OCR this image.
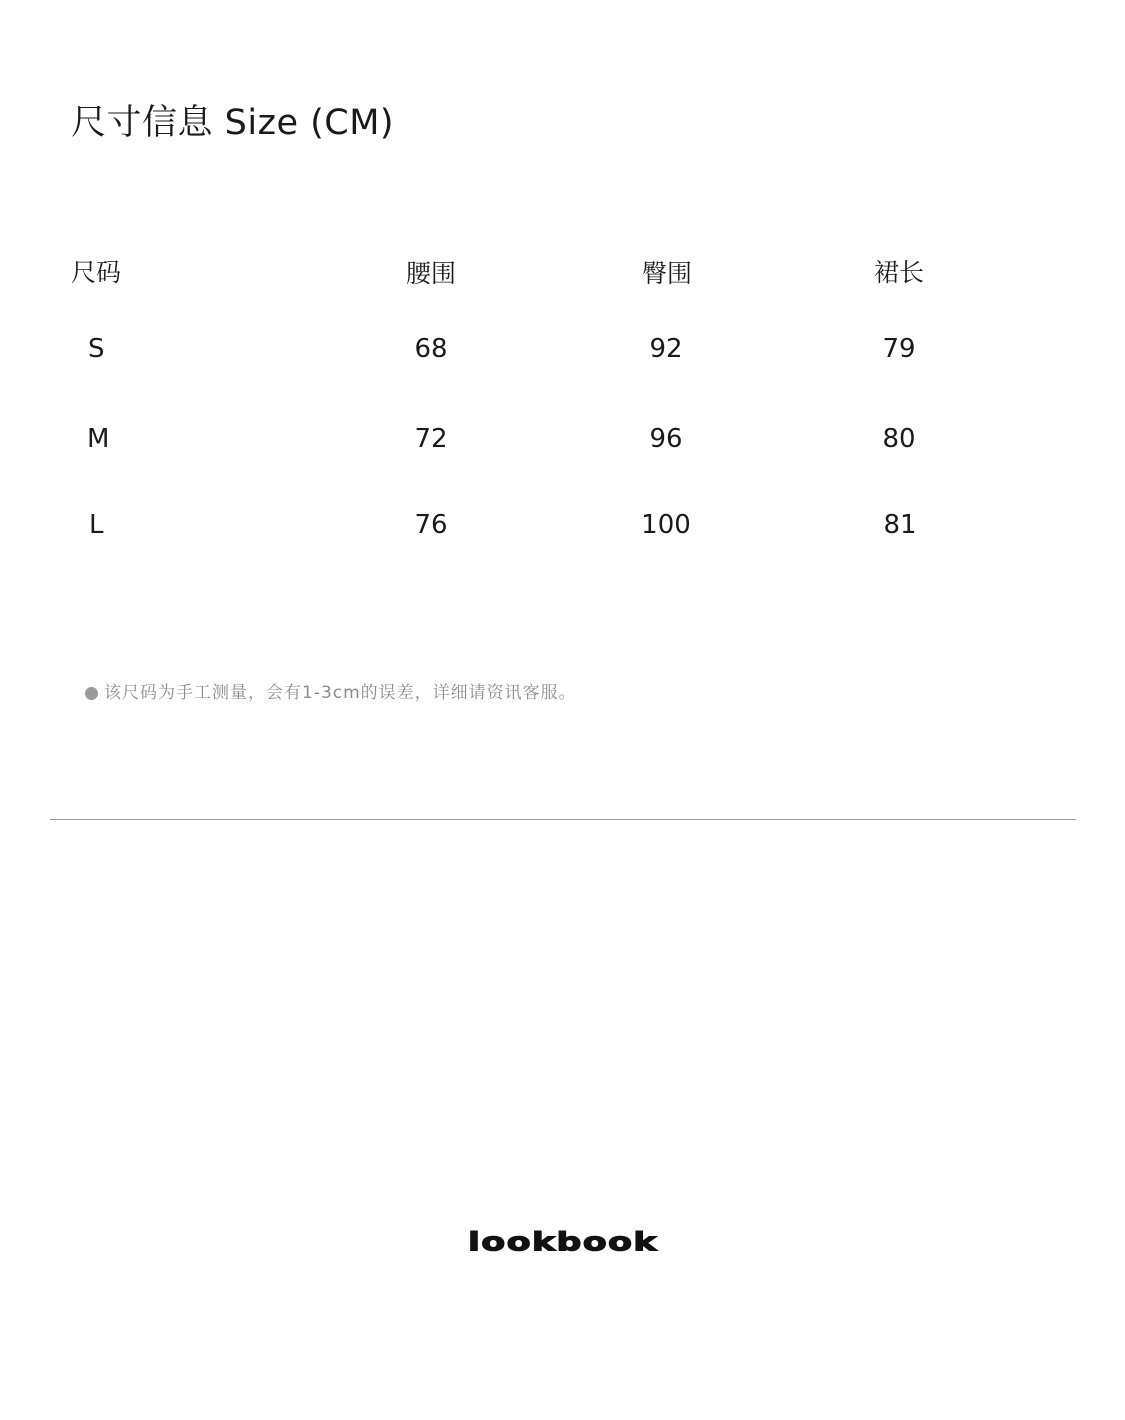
尺寸信息 Size (CM)
尺码	腰围	臀围	裙长
S	68	92	79
M	72	96	80
L	76	100	81
该尺码为手工测量，会有1-3cm的误差，详细请资讯客服。
lookbook
